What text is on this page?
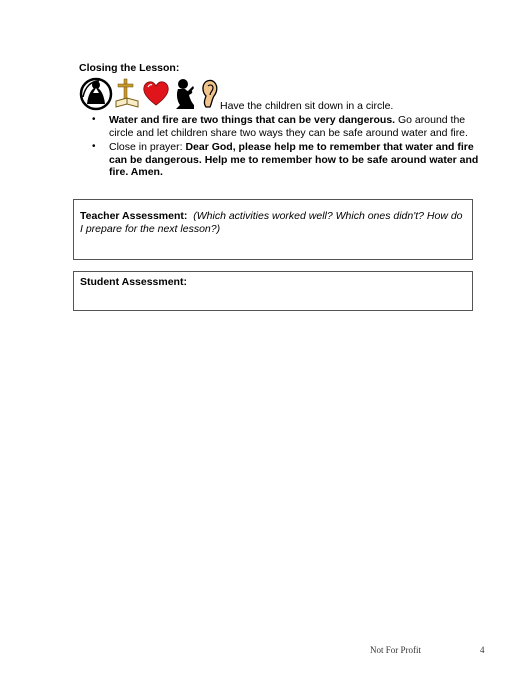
Closing the Lesson:
Have the children sit down in a circle.
• Water and fire are two things that can be very dangerous. Go around the circle and let children share two ways they can be safe around water and fire.
• Close in prayer: Dear God, please help me to remember that water and fire can be dangerous. Help me to remember how to be safe around water and fire. Amen.
Teacher Assessment: (Which activities worked well? Which ones didn't? How do I prepare for the next lesson?)
Student Assessment:
Not For Profit	4
